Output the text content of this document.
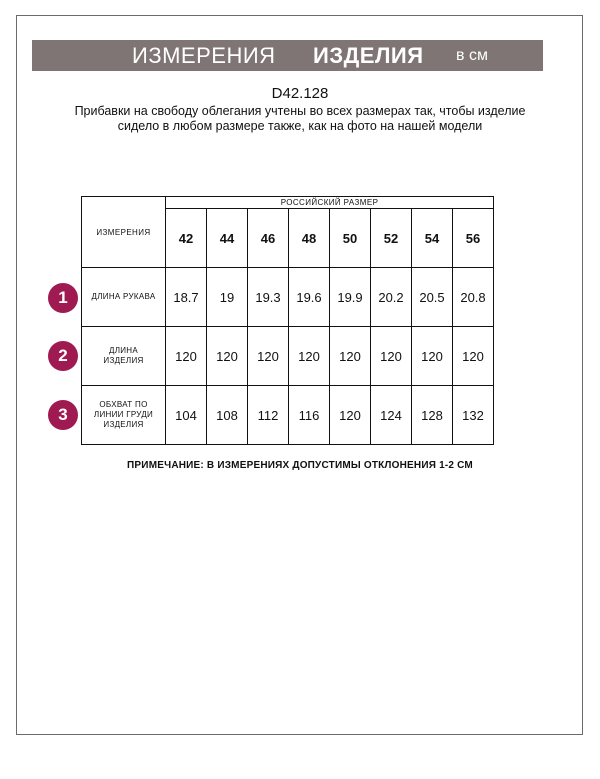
ИЗМЕРЕНИЯ ИЗДЕЛИЯ в см
D42.128
Прибавки на свободу облегания учтены во всех размерах так, чтобы изделие сидело в любом размере также, как на фото на нашей модели
ИЗМЕРЕНИЯ	РОССИЙСКИЙ РАЗМЕР							
	42	44	46	48	50	52	54	56
ДЛИНА РУКАВА	18.7	19	19.3	19.6	19.9	20.2	20.5	20.8

ДЛИНА ИЗДЕЛИЯ	120	120	120	120	120	120	120	120

ОБХВАТ ПО ЛИНИИ ГРУДИ ИЗДЕЛИЯ	104	108	112	116	120	124	128	132
1
2
3
ПРИМЕЧАНИЕ: В ИЗМЕРЕНИЯХ ДОПУСТИМЫ ОТКЛОНЕНИЯ 1-2 СМ
